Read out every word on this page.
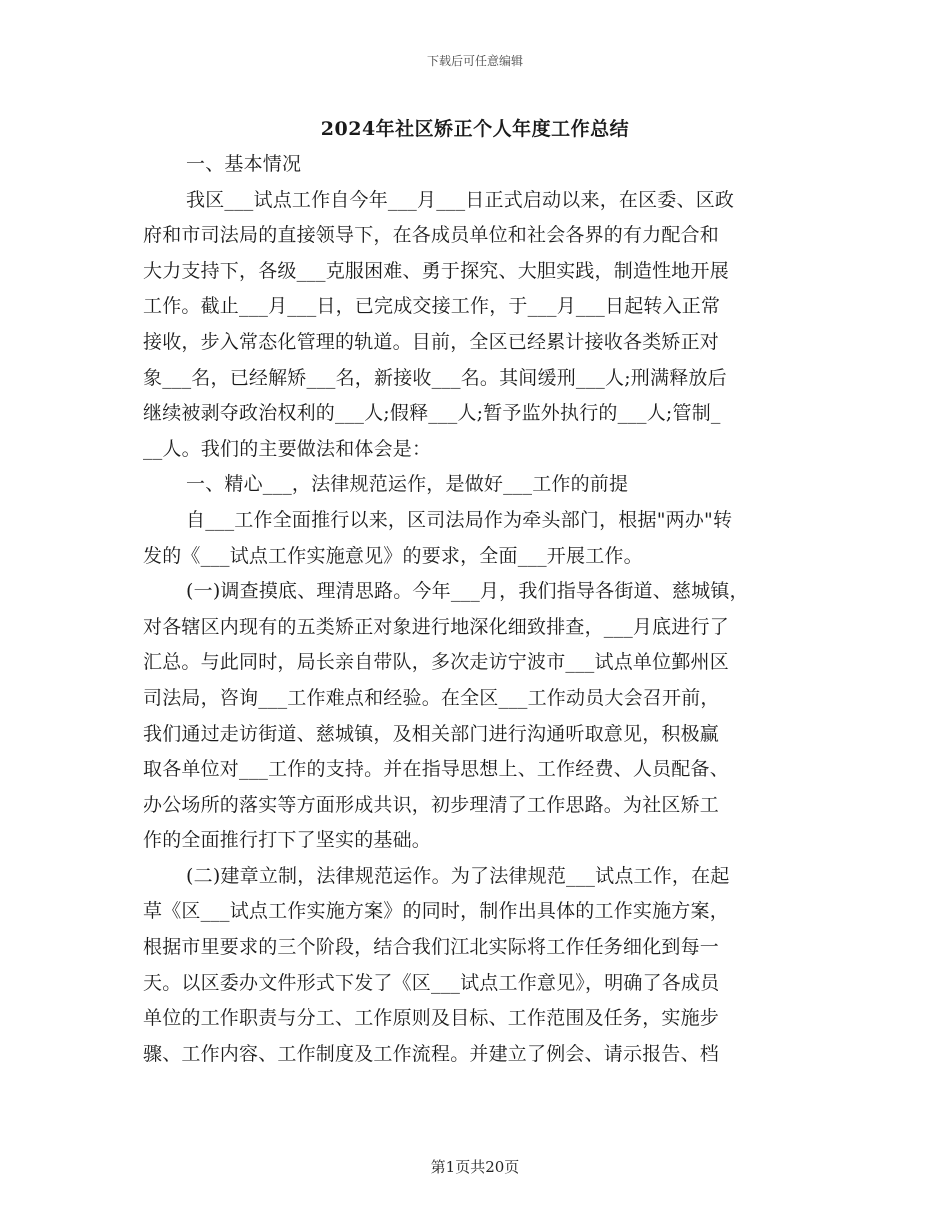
下载后可任意编辑
2024年社区矫正个人年度工作总结
一、基本情况
我区___试点工作自今年___月___日正式启动以来，在区委、区政
府和市司法局的直接领导下，在各成员单位和社会各界的有力配合和
大力支持下，各级___克服困难、勇于探究、大胆实践，制造性地开展
工作。截止___月___日，已完成交接工作，于___月___日起转入正常
接收，步入常态化管理的轨道。目前，全区已经累计接收各类矫正对
象___名，已经解矫___名，新接收___名。其间缓刑___人;刑满释放后
继续被剥夺政治权利的___人;假释___人;暂予监外执行的___人;管制_
__人。我们的主要做法和体会是：
一、精心___，法律规范运作，是做好___工作的前提
自___工作全面推行以来，区司法局作为牵头部门，根据"两办"转
发的《___试点工作实施意见》的要求，全面___开展工作。
(一)调查摸底、理清思路。今年___月，我们指导各街道、慈城镇，
对各辖区内现有的五类矫正对象进行地深化细致排查，___月底进行了
汇总。与此同时，局长亲自带队，多次走访宁波市___试点单位鄞州区
司法局，咨询___工作难点和经验。在全区___工作动员大会召开前，
我们通过走访街道、慈城镇，及相关部门进行沟通听取意见，积极赢
取各单位对___工作的支持。并在指导思想上、工作经费、人员配备、
办公场所的落实等方面形成共识，初步理清了工作思路。为社区矫工
作的全面推行打下了坚实的基础。
(二)建章立制，法律规范运作。为了法律规范___试点工作，在起
草《区___试点工作实施方案》的同时，制作出具体的工作实施方案，
根据市里要求的三个阶段，结合我们江北实际将工作任务细化到每一
天。以区委办文件形式下发了《区___试点工作意见》，明确了各成员
单位的工作职责与分工、工作原则及目标、工作范围及任务，实施步
骤、工作内容、工作制度及工作流程。并建立了例会、请示报告、档
第1页共20页
